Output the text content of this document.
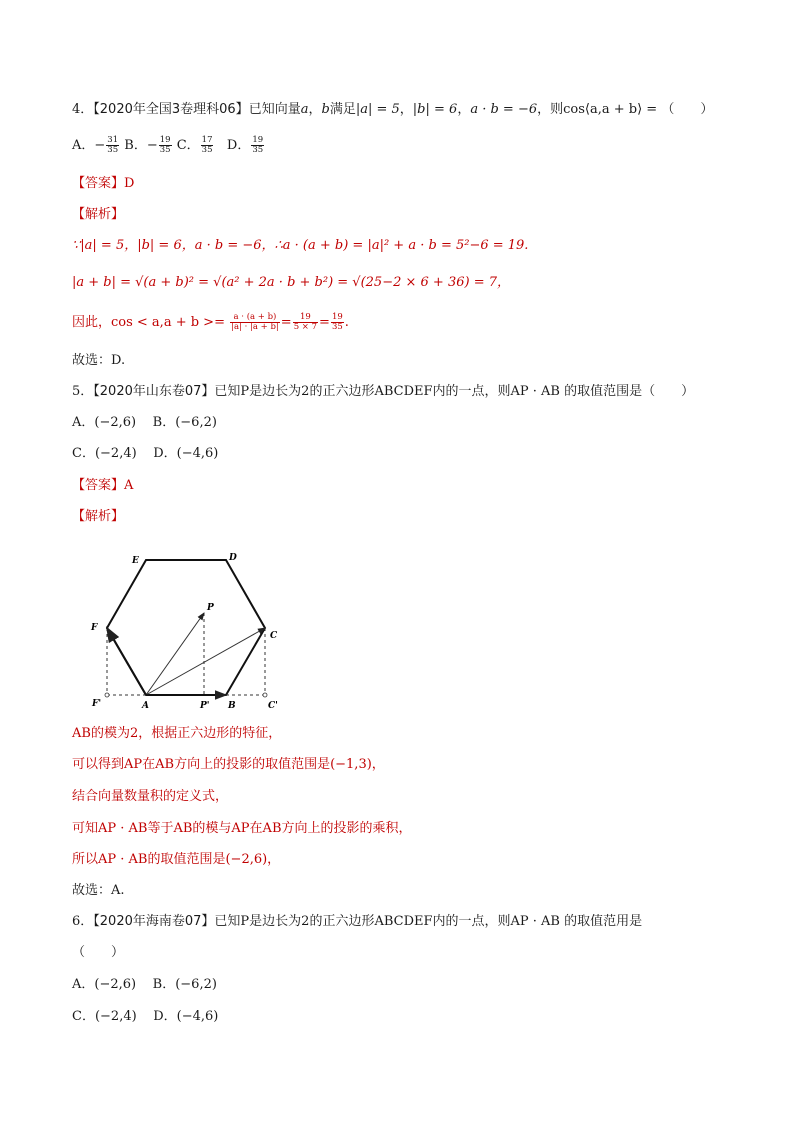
4．【2020年全国3卷理科06】已知向量a，b满足|a| = 5，|b| = 6，a · b = −6，则cos⟨a,a + b⟩ = （　　）
A．− $\frac{31}{35}$ B．− $\frac{19}{35}$ C． $\frac{17}{35}$ D． $\frac{19}{35}$
【答案】D
【解析】
∵|a| = 5，|b| = 6，a · b = −6，∴a · (a + b) = |a|² + a · b = 5²−6 = 19.
|a + b| = √(a + b)² = √(a² + 2a · b + b²) = √(25−2 × 6 + 36) = 7，
因此，$\cos < a,a + b >= \frac{a \cdot (a + b)}{|a| \cdot |a + b|} = \frac{19}{5 \times 7} = \frac{19}{35}$ .
故选：D.
5．【2020年山东卷07】已知P是边长为2的正六边形ABCDEF内的一点，则AP · AB 的取值范围是（　　）
A．(−2,6) B．(−6,2)
C．(−2,4) D．(−4,6)
【答案】A
【解析】
E	D
F
P
C
F'	A	P' B	C'
AB的模为2，根据正六边形的特征，
可以得到AP在AB方向上的投影的取值范围是(−1,3)，
结合向量数量积的定义式，
可知AP · AB等于AB的模与AP在AB方向上的投影的乘积，
所以AP · AB的取值范围是(−2,6)，
故选：A.
6．【2020年海南卷07】已知P是边长为2的正六边形ABCDEF内的一点，则AP · AB 的取值范用是
（　　）
A．(−2,6) B．(−6,2)
C．(−2,4) D．(−4,6)
